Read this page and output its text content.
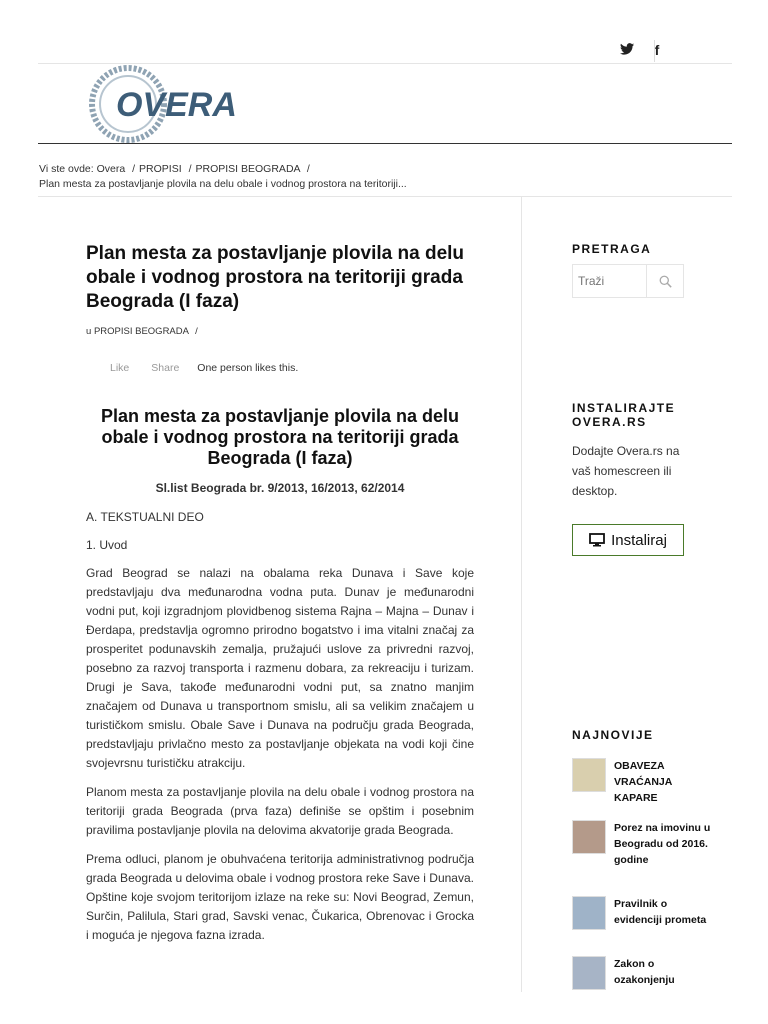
f
OVERA
Vi ste ovde: Overa / PROPISI / PROPISI BEOGRADA /
Plan mesta za postavljanje plovila na delu obale i vodnog prostora na teritoriji...
Plan mesta za postavljanje plovila na delu obale i vodnog prostora na teritoriji grada Beograda (I faza)
u PROPISI BEOGRADA /
Like Share One person likes this.
Plan mesta za postavljanje plovila na delu obale i vodnog prostora na teritoriji grada Beograda (I faza)

Sl.list Beograda br. 9/2013, 16/2013, 62/2014

A. TEKSTUALNI DEO

1. Uvod

Grad Beograd se nalazi na obalama reka Dunava i Save koje predstavljaju dva međunarodna vodna puta. Dunav je međunarodni vodni put, koji izgradnjom plovidbenog sistema Rajna – Majna – Dunav i Đerdapa, predstavlja ogromno prirodno bogatstvo i ima vitalni značaj za prosperitet podunavskih zemalja, pružajući uslove za privredni razvoj, posebno za razvoj transporta i razmenu dobara, za rekreaciju i turizam. Drugi je Sava, takođe međunarodni vodni put, sa znatno manjim značajem od Dunava u transportnom smislu, ali sa velikim značajem u turističkom smislu. Obale Save i Dunava na području grada Beograda, predstavljaju privlačno mesto za postavljanje objekata na vodi koji čine svojevrsnu turističku atrakciju.

Planom mesta za postavljanje plovila na delu obale i vodnog prostora na teritoriji grada Beograda (prva faza) definiše se opštim i posebnim pravilima postavljanje plovila na delovima akvatorije grada Beograda.

Prema odluci, planom je obuhvaćena teritorija administrativnog područja grada Beograda u delovima obale i vodnog prostora reke Save i Dunava. Opštine koje svojom teritorijom izlaze na reke su: Novi Beograd, Zemun, Surčin, Palilula, Stari grad, Savski venac, Čukarica, Obrenovac i Grocka i moguća je njegova fazna izrada.

PRETRAGA
Traži
INSTALIRAJTE OVERA.RS
Dodajte Overa.rs na vaš homescreen ili desktop.
Instaliraj
NAJNOVIJE
OBAVEZA VRAĆANJA KAPARE
Porez na imovinu u Beogradu od 2016. godine
Pravilnik o evidenciji prometa
Zakon o ozakonjenju
